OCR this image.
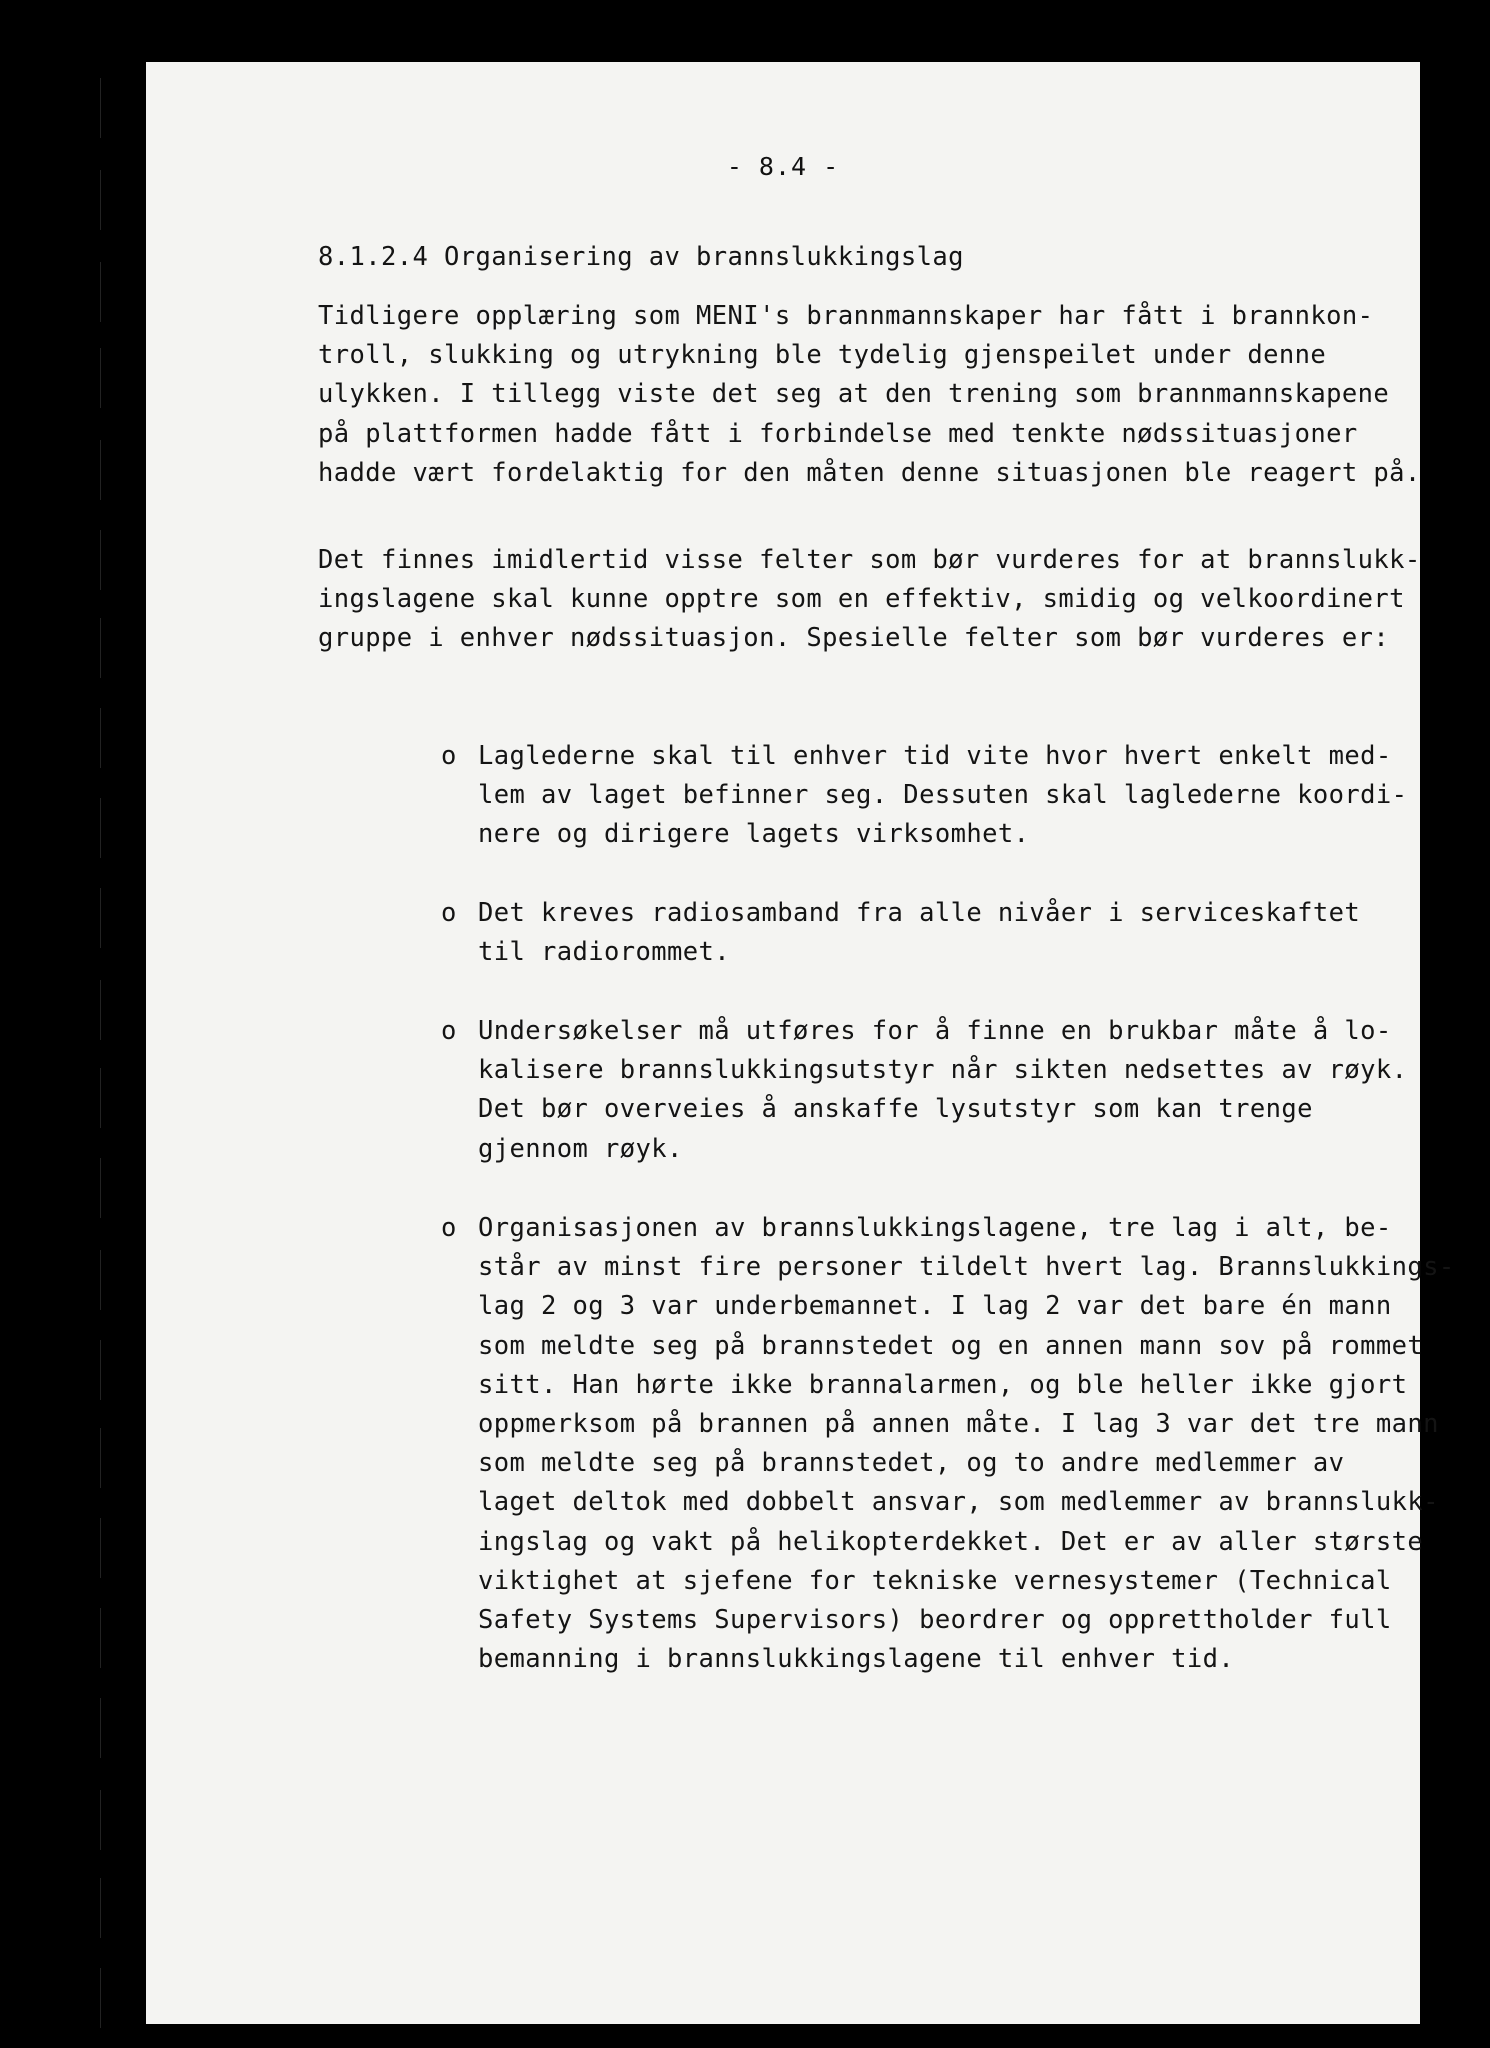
- 8.4 -

8.1.2.4 Organisering av brannslukkingslag

Tidligere opplæring som MENI's brannmannskaper har fått i brannkon-
troll, slukking og utrykning ble tydelig gjenspeilet under denne
ulykken. I tillegg viste det seg at den trening som brannmannskapene
på plattformen hadde fått i forbindelse med tenkte nødssituasjoner
hadde vært fordelaktig for den måten denne situasjonen ble reagert på.

Det finnes imidlertid visse felter som bør vurderes for at brannslukk-
ingslagene skal kunne opptre som en effektiv, smidig og velkoordinert
gruppe i enhver nødssituasjon. Spesielle felter som bør vurderes er:

o Laglederne skal til enhver tid vite hvor hvert enkelt med-
lem av laget befinner seg. Dessuten skal laglederne koordi-
nere og dirigere lagets virksomhet.

o Det kreves radiosamband fra alle nivåer i serviceskaftet
til radiorommet.

o Undersøkelser må utføres for å finne en brukbar måte å lo-
kalisere brannslukkingsutstyr når sikten nedsettes av røyk.
Det bør overveies å anskaffe lysutstyr som kan trenge
gjennom røyk.

o Organisasjonen av brannslukkingslagene, tre lag i alt, be-
står av minst fire personer tildelt hvert lag. Brannslukkings-
lag 2 og 3 var underbemannet. I lag 2 var det bare én mann
som meldte seg på brannstedet og en annen mann sov på rommet
sitt. Han hørte ikke brannalarmen, og ble heller ikke gjort
oppmerksom på brannen på annen måte. I lag 3 var det tre mann
som meldte seg på brannstedet, og to andre medlemmer av
laget deltok med dobbelt ansvar, som medlemmer av brannslukk-
ingslag og vakt på helikopterdekket. Det er av aller største
viktighet at sjefene for tekniske vernesystemer (Technical
Safety Systems Supervisors) beordrer og opprettholder full
bemanning i brannslukkingslagene til enhver tid.
